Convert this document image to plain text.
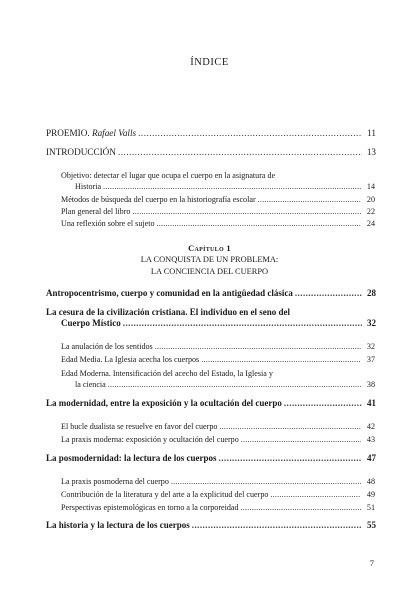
ÍNDICE
PROEMIO. Rafael Valls . . .	11
INTRODUCCIÓN . . .	13
Objetivo: detectar el lugar que ocupa el cuerpo en la asignatura de
Historia . . .	14
Métodos de búsqueda del cuerpo en la historiografía escolar . . .	20
Plan general del libro . . .	22
Una reflexión sobre el sujeto . . .	24
Capítulo 1
LA CONQUISTA DE UN PROBLEMA:
LA CONCIENCIA DEL CUERPO
Antropocentrismo, cuerpo y comunidad en la antigüedad clásica . . .	28
La cesura de la civilización cristiana. El individuo en el seno del
Cuerpo Místico . . .	32
La anulación de los sentidos . . .	32
Edad Media. La Iglesia acecha los cuerpos . . .	37
Edad Moderna. Intensificación del acecho del Estado, la Iglesia y
la ciencia . . .	38
La modernidad, entre la exposición y la ocultación del cuerpo . . .	41
El bucle dualista se resuelve en favor del cuerpo . . .	42
La praxis moderna: exposición y ocultación del cuerpo . . .	43
La posmodernidad: la lectura de los cuerpos . . .	47
La praxis posmoderna del cuerpo . . .	48
Contribución de la literatura y del arte a la explicitud del cuerpo . . .	49
Perspectivas epistemológicas en torno a la corporeidad . . .	51
La historia y la lectura de los cuerpos . . .	55
7
